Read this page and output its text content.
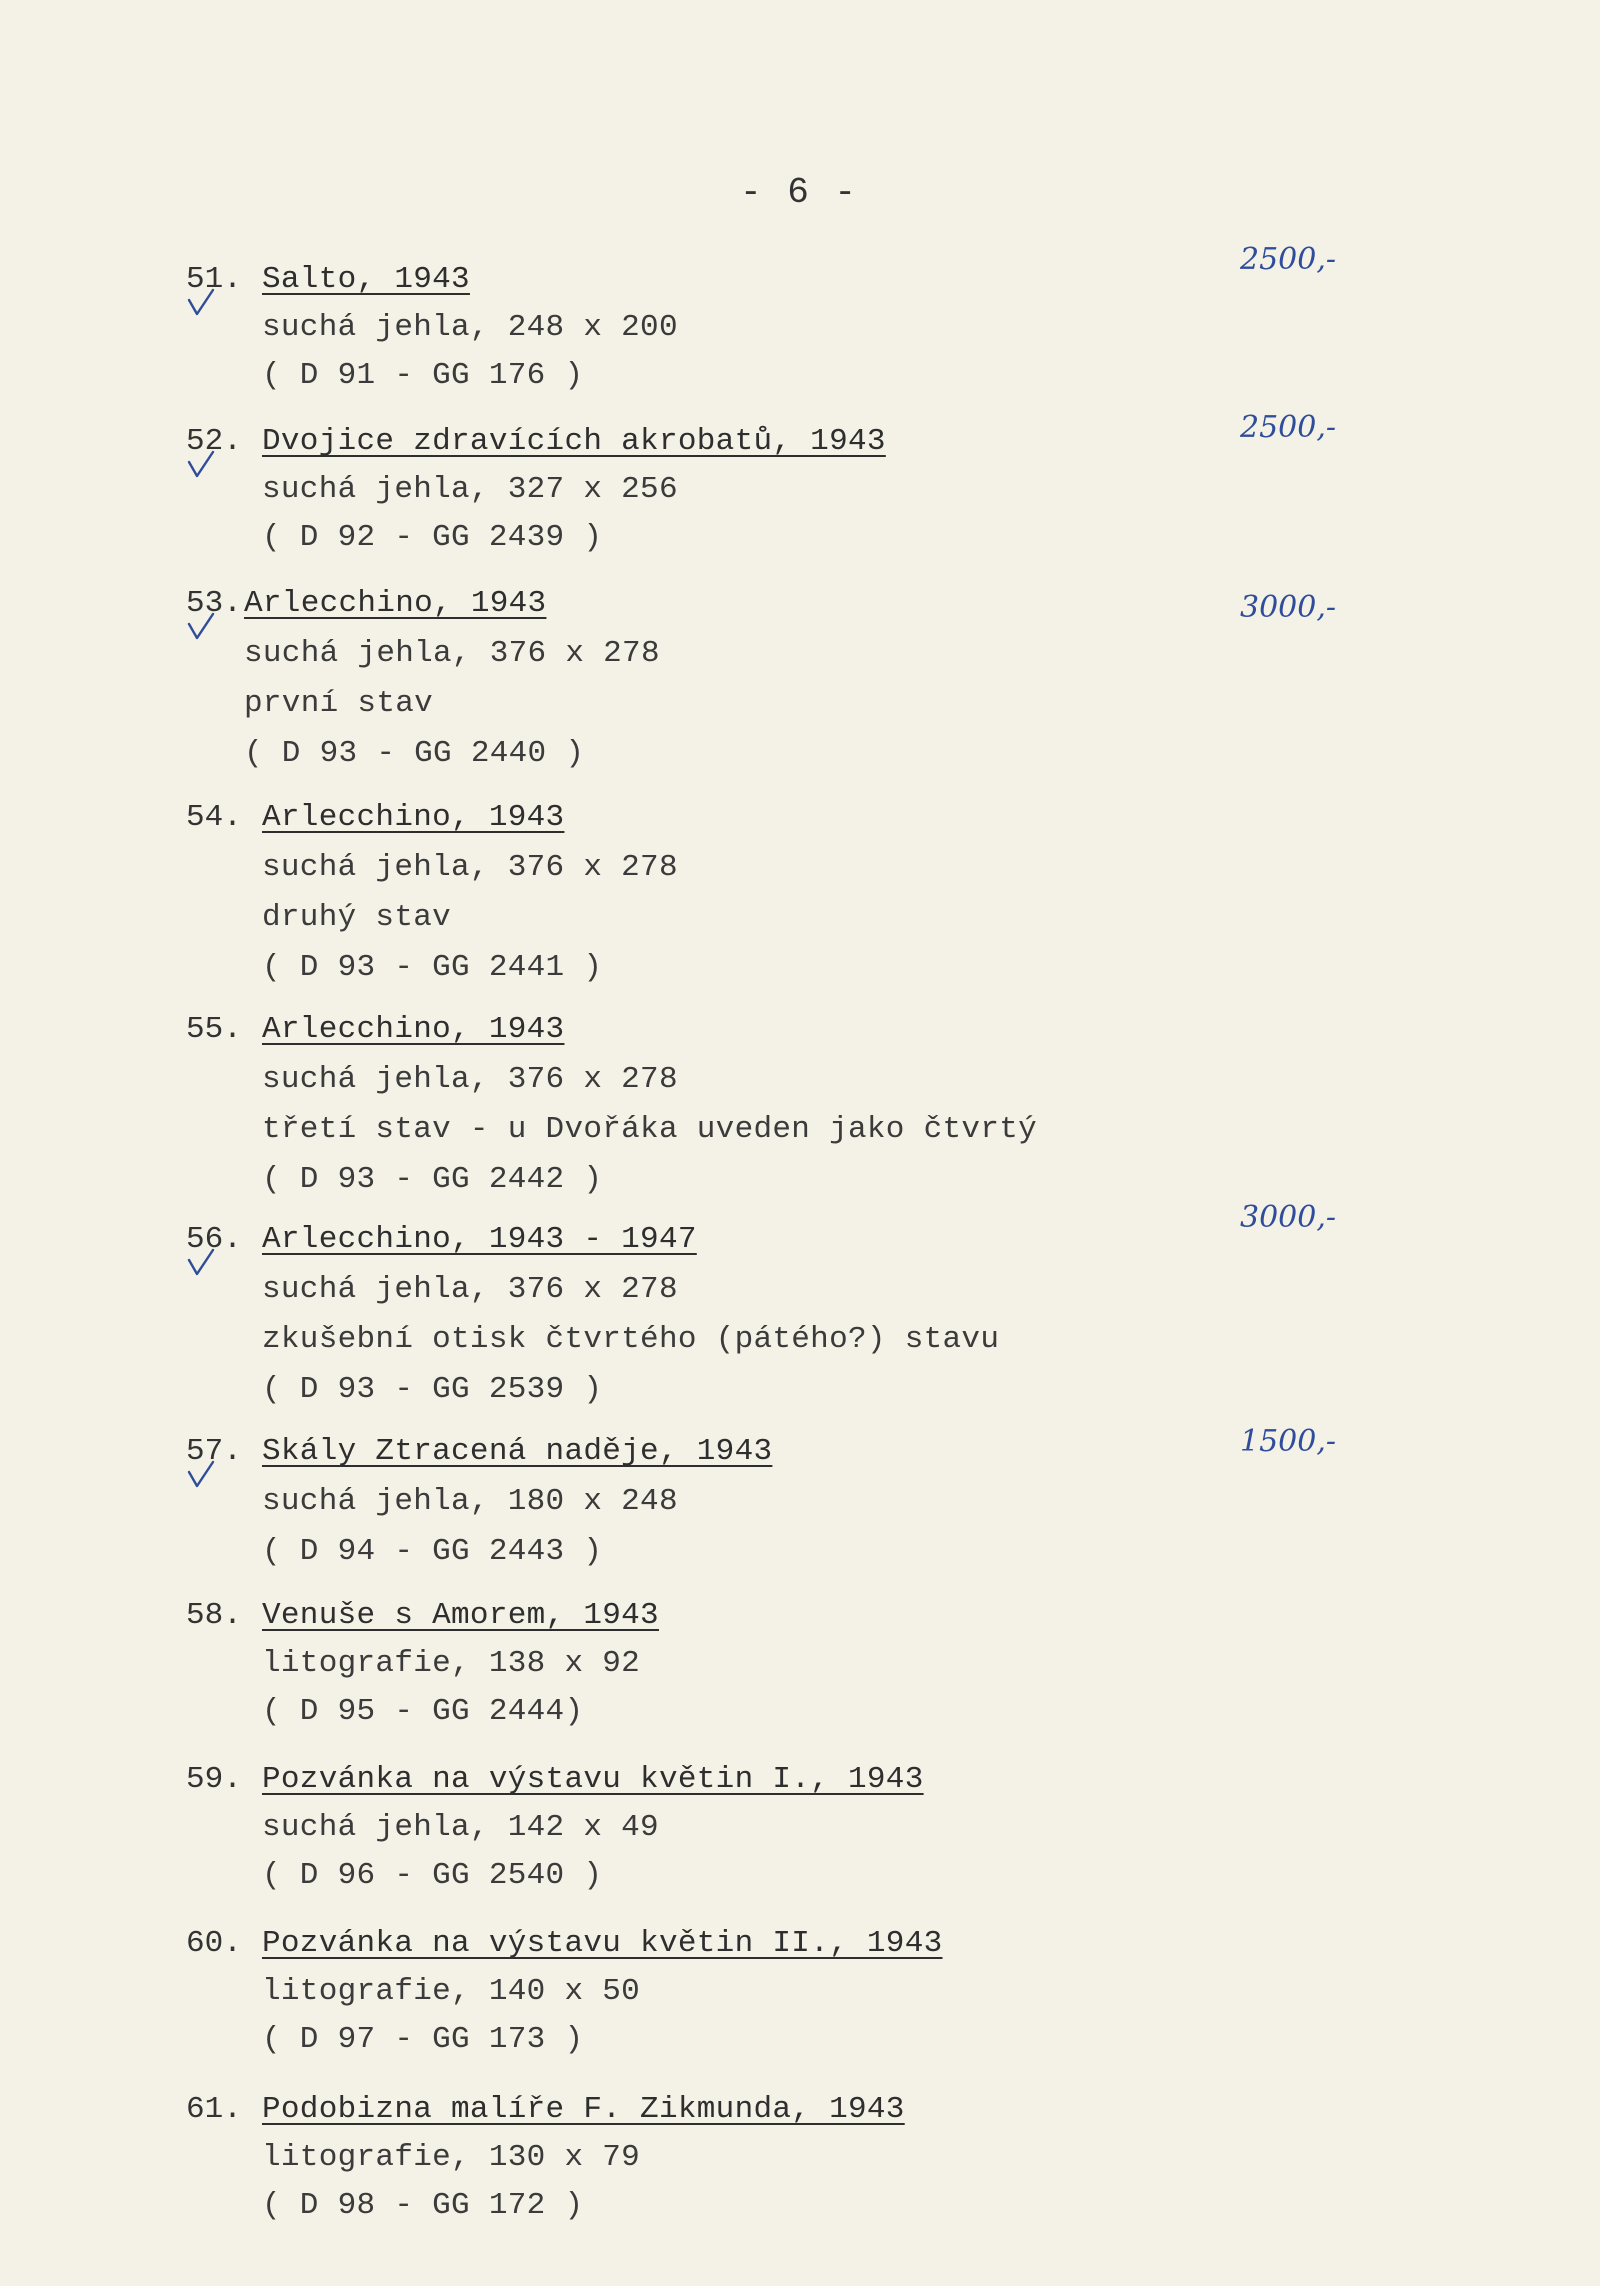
- 6 -
51. Salto, 1943
suchá jehla, 248 x 200
( D 91 - GG 176 )
2500,-
52. Dvojice zdravících akrobatů, 1943
suchá jehla, 327 x 256
( D 92 - GG 2439 )
2500,-
53. Arlecchino, 1943
suchá jehla, 376 x 278
první stav
( D 93 - GG 2440 )
3000,-
54. Arlecchino, 1943
suchá jehla, 376 x 278
druhý stav
( D 93 - GG 2441 )
55. Arlecchino, 1943
suchá jehla, 376 x 278
třetí stav - u Dvořáka uveden jako čtvrtý
( D 93 - GG 2442 )
56. Arlecchino, 1943 - 1947
suchá jehla, 376 x 278
zkušební otisk čtvrtého (pátého?) stavu
( D 93 - GG 2539 )
3000,-
57. Skály Ztracená naděje, 1943
suchá jehla, 180 x 248
( D 94 - GG 2443 )
1500,-
58. Venuše s Amorem, 1943
litografie, 138 x 92
( D 95 - GG 2444)
59. Pozvánka na výstavu květin I., 1943
suchá jehla, 142 x 49
( D 96 - GG 2540 )
60. Pozvánka na výstavu květin II., 1943
litografie, 140 x 50
( D 97 - GG 173 )
61. Podobizna malíře F. Zikmunda, 1943
litografie, 130 x 79
( D 98 - GG 172 )
